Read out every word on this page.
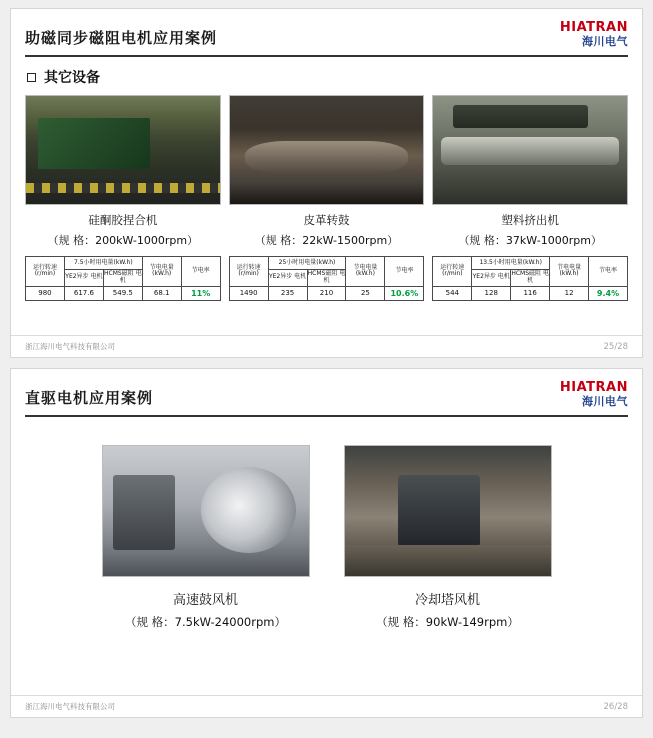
助磁同步磁阻电机应用案例
HIATRAN
海川电气
其它设备
硅酮胶捏合机
（规 格：200kW-1000rpm）
运行转速 (r/min)	7.5小时用电量(kW.h)		节电电量 (kW.h)	节电率
	YE2异步 电机	HCMS磁阻 电机		
980	617.6	549.5	68.1	11%
皮革转鼓
（规 格：22kW-1500rpm）
运行转速 (r/min)	25小时用电量(kW.h)		节电电量 (kW.h)	节电率
	YE2异步 电机	HCMS磁阻 电机		
1490	235	210	25	10.6%
塑料挤出机
（规 格：37kW-1000rpm）
运行转速 (r/min)	13.5小时用电量(kW.h)		节电电量 (kW.h)	节电率
	YE2异步 电机	HCMS磁阻 电机		
544	128	116	12	9.4%
浙江海川电气科技有限公司	25/28
直驱电机应用案例
HIATRAN
海川电气
高速鼓风机
（规 格：7.5kW-24000rpm）
冷却塔风机
（规 格：90kW-149rpm）
浙江海川电气科技有限公司	26/28
